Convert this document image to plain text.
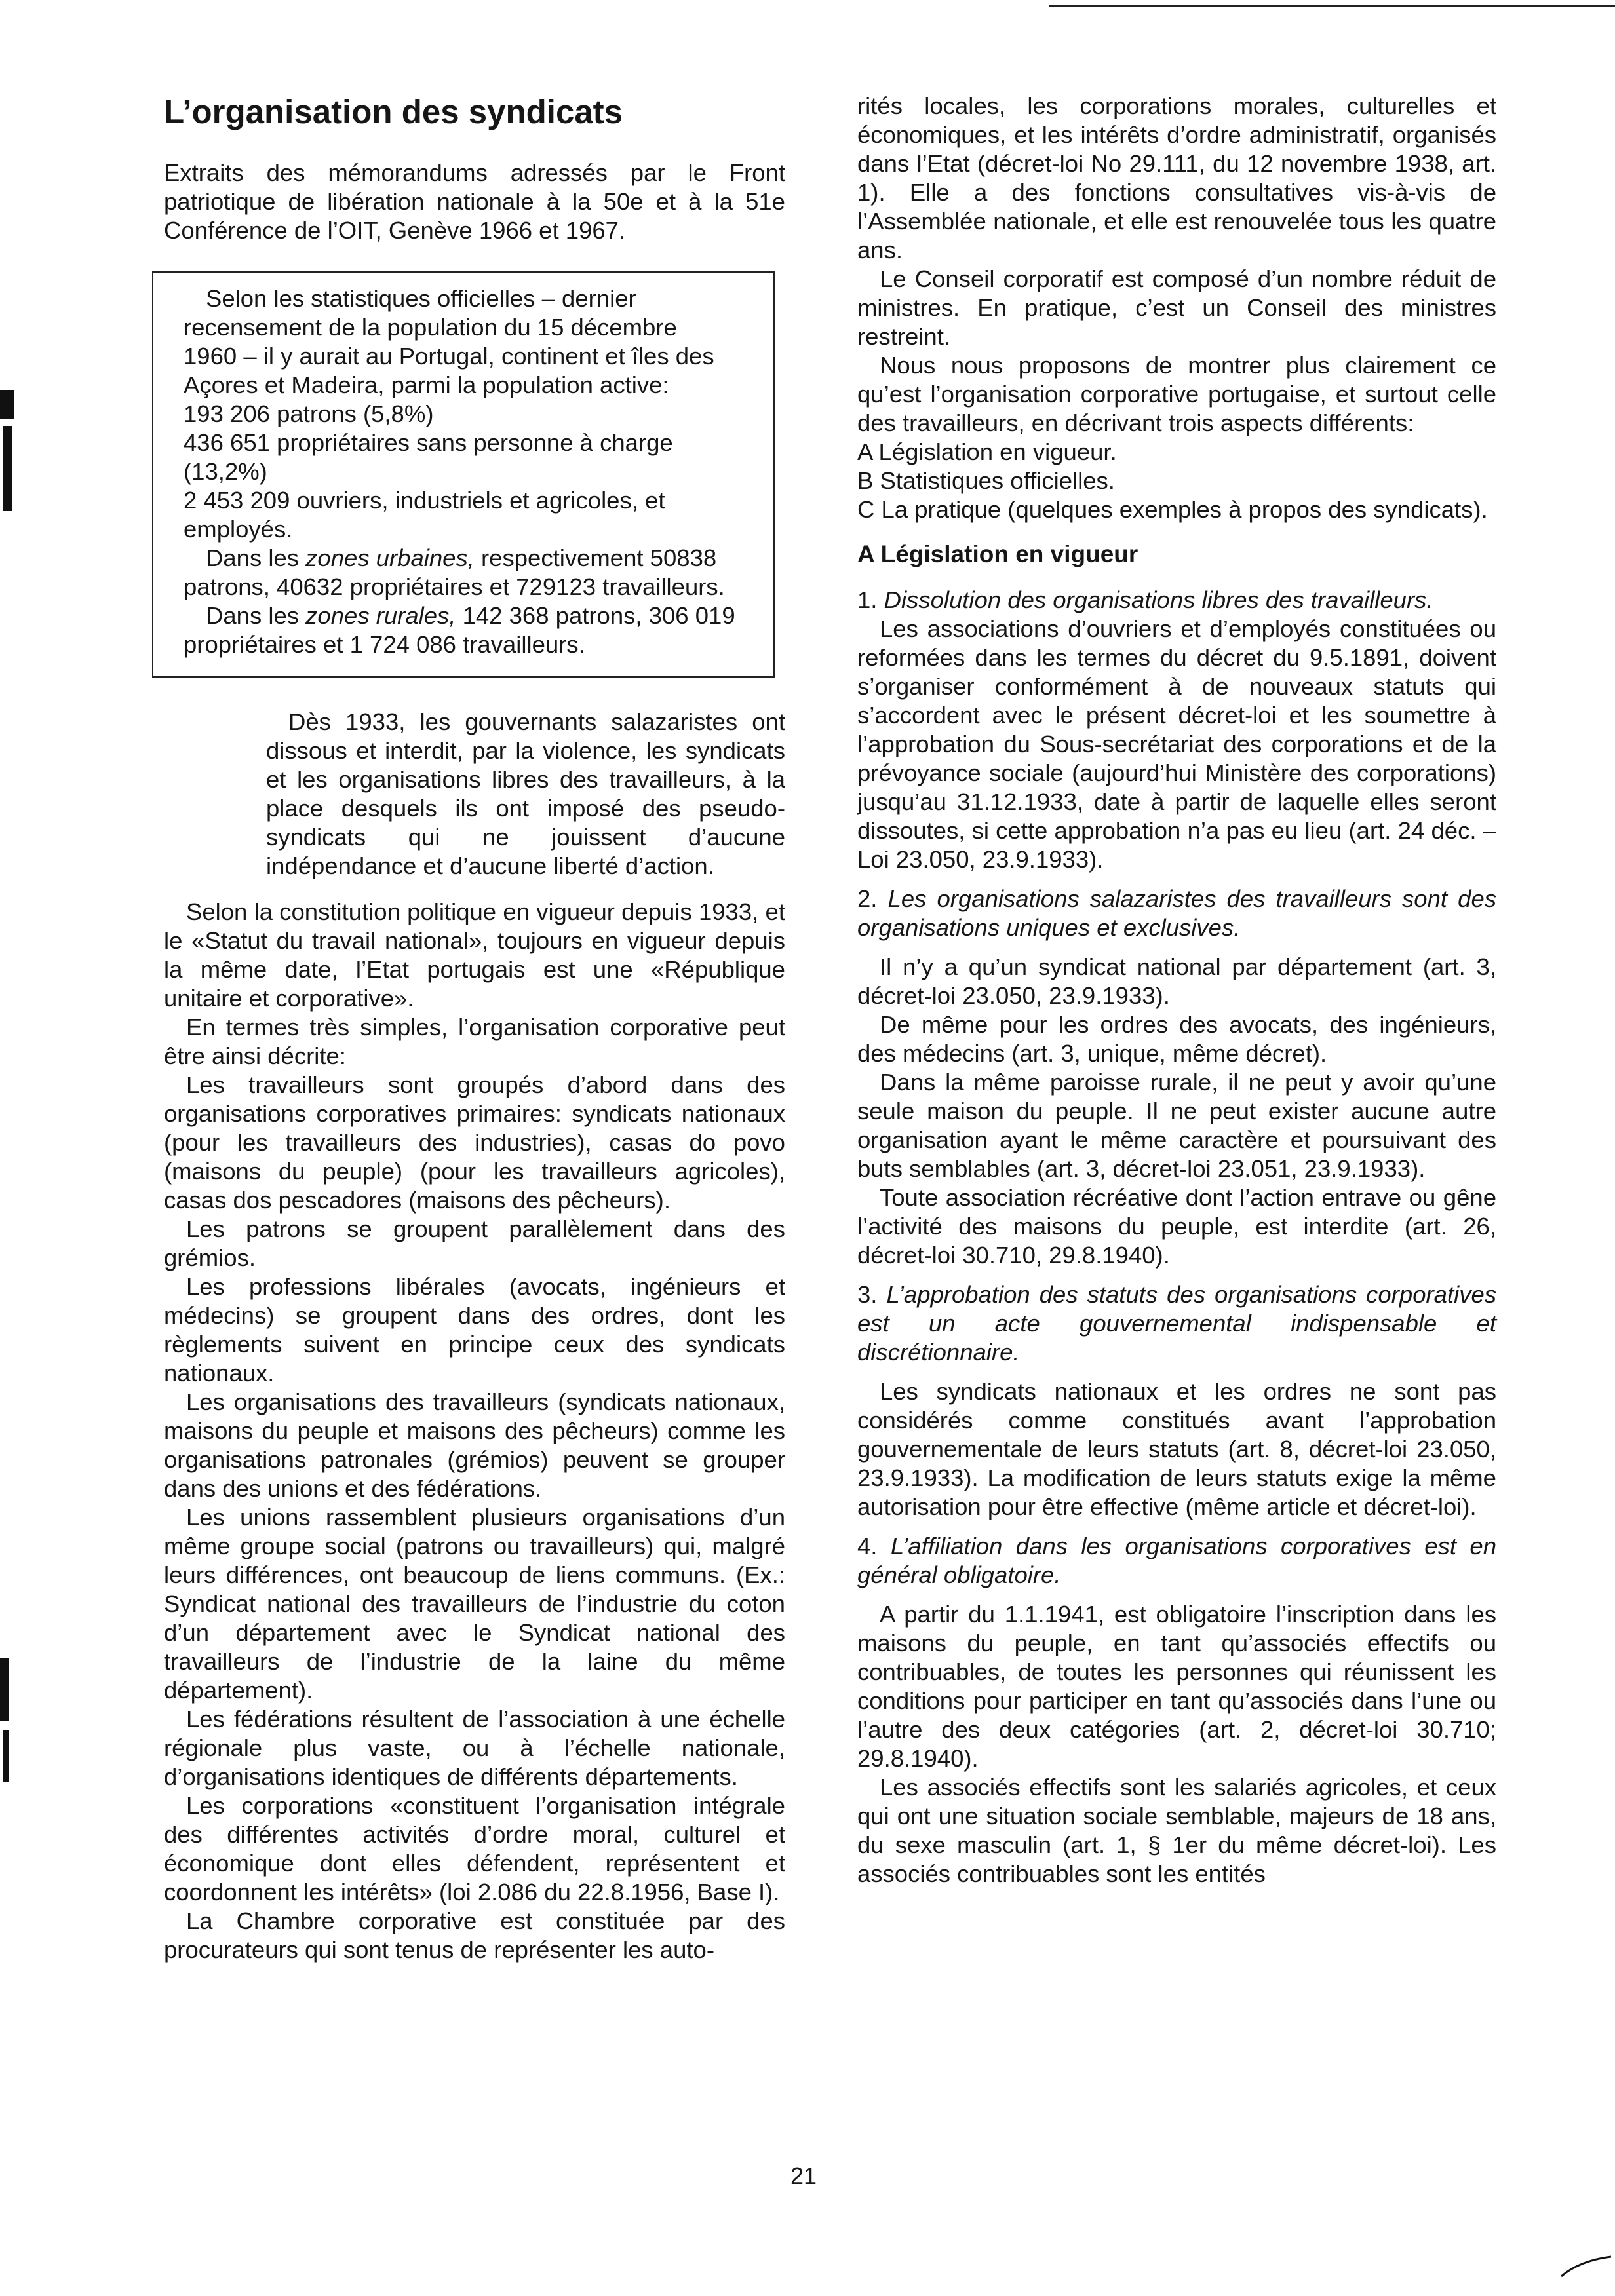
L’organisation des syndicats

Extraits des mémorandums adressés par le Front patriotique de libération nationale à la 50e et à la 51e Conférence de l’OIT, Genève 1966 et 1967.

Selon les statistiques officielles – dernier recensement de la population du 15 décembre 1960 – il y aurait au Portugal, continent et îles des Açores et Madeira, parmi la population active:

193 206 patrons (5,8%)

436 651 propriétaires sans personne à charge (13,2%)

2 453 209 ouvriers, industriels et agricoles, et employés.

Dans les zones urbaines, respectivement 50838 patrons, 40632 propriétaires et 729123 travailleurs.

Dans les zones rurales, 142 368 patrons, 306 019 propriétaires et 1 724 086 travailleurs.

Dès 1933, les gouvernants salazaristes ont dissous et interdit, par la violence, les syndicats et les organisations libres des travailleurs, à la place desquels ils ont imposé des pseudo-syndicats qui ne jouissent d’aucune indépendance et d’aucune liberté d’action.

Selon la constitution politique en vigueur depuis 1933, et le «Statut du travail national», toujours en vigueur depuis la même date, l’Etat portugais est une «République unitaire et corporative».

En termes très simples, l’organisation corporative peut être ainsi décrite:

Les travailleurs sont groupés d’abord dans des organisations corporatives primaires: syndicats nationaux (pour les travailleurs des industries), casas do povo (maisons du peuple) (pour les travailleurs agricoles), casas dos pescadores (maisons des pêcheurs).

Les patrons se groupent parallèlement dans des grémios.

Les professions libérales (avocats, ingénieurs et médecins) se groupent dans des ordres, dont les règlements suivent en principe ceux des syndicats nationaux.

Les organisations des travailleurs (syndicats nationaux, maisons du peuple et maisons des pêcheurs) comme les organisations patronales (grémios) peuvent se grouper dans des unions et des fédérations.

Les unions rassemblent plusieurs organisations d’un même groupe social (patrons ou travailleurs) qui, malgré leurs différences, ont beaucoup de liens communs. (Ex.: Syndicat national des travailleurs de l’industrie du coton d’un département avec le Syndicat national des travailleurs de l’industrie de la laine du même département).

Les fédérations résultent de l’association à une échelle régionale plus vaste, ou à l’échelle nationale, d’organisations identiques de différents départements.

Les corporations «constituent l’organisation intégrale des différentes activités d’ordre moral, culturel et économique dont elles défendent, représentent et coordonnent les intérêts» (loi 2.086 du 22.8.1956, Base I).

La Chambre corporative est constituée par des procurateurs qui sont tenus de représenter les auto-

rités locales, les corporations morales, culturelles et économiques, et les intérêts d’ordre administratif, organisés dans l’Etat (décret-loi No 29.111, du 12 novembre 1938, art. 1). Elle a des fonctions consultatives vis-à-vis de l’Assemblée nationale, et elle est renouvelée tous les quatre ans.

Le Conseil corporatif est composé d’un nombre réduit de ministres. En pratique, c’est un Conseil des ministres restreint.

Nous nous proposons de montrer plus clairement ce qu’est l’organisation corporative portugaise, et surtout celle des travailleurs, en décrivant trois aspects différents:

A Législation en vigueur.

B Statistiques officielles.

C La pratique (quelques exemples à propos des syndicats).

A Législation en vigueur

1. Dissolution des organisations libres des travailleurs.

Les associations d’ouvriers et d’employés constituées ou reformées dans les termes du décret du 9.5.1891, doivent s’organiser conformément à de nouveaux statuts qui s’accordent avec le présent décret-loi et les soumettre à l’approbation du Sous-secrétariat des corporations et de la prévoyance sociale (aujourd’hui Ministère des corporations) jusqu’au 31.12.1933, date à partir de laquelle elles seront dissoutes, si cette approbation n’a pas eu lieu (art. 24 déc. – Loi 23.050, 23.9.1933).

2. Les organisations salazaristes des travailleurs sont des organisations uniques et exclusives.

Il n’y a qu’un syndicat national par département (art. 3, décret-loi 23.050, 23.9.1933).

De même pour les ordres des avocats, des ingénieurs, des médecins (art. 3, unique, même décret).

Dans la même paroisse rurale, il ne peut y avoir qu’une seule maison du peuple. Il ne peut exister aucune autre organisation ayant le même caractère et poursuivant des buts semblables (art. 3, décret-loi 23.051, 23.9.1933).

Toute association récréative dont l’action entrave ou gêne l’activité des maisons du peuple, est interdite (art. 26, décret-loi 30.710, 29.8.1940).

3. L’approbation des statuts des organisations corporatives est un acte gouvernemental indispensable et discrétionnaire.

Les syndicats nationaux et les ordres ne sont pas considérés comme constitués avant l’approbation gouvernementale de leurs statuts (art. 8, décret-loi 23.050, 23.9.1933). La modification de leurs statuts exige la même autorisation pour être effective (même article et décret-loi).

4. L’affiliation dans les organisations corporatives est en général obligatoire.

A partir du 1.1.1941, est obligatoire l’inscription dans les maisons du peuple, en tant qu’associés effectifs ou contribuables, de toutes les personnes qui réunissent les conditions pour participer en tant qu’associés dans l’une ou l’autre des deux catégories (art. 2, décret-loi 30.710; 29.8.1940).

Les associés effectifs sont les salariés agricoles, et ceux qui ont une situation sociale semblable, majeurs de 18 ans, du sexe masculin (art. 1, § 1er du même décret-loi). Les associés contribuables sont les entités

21
